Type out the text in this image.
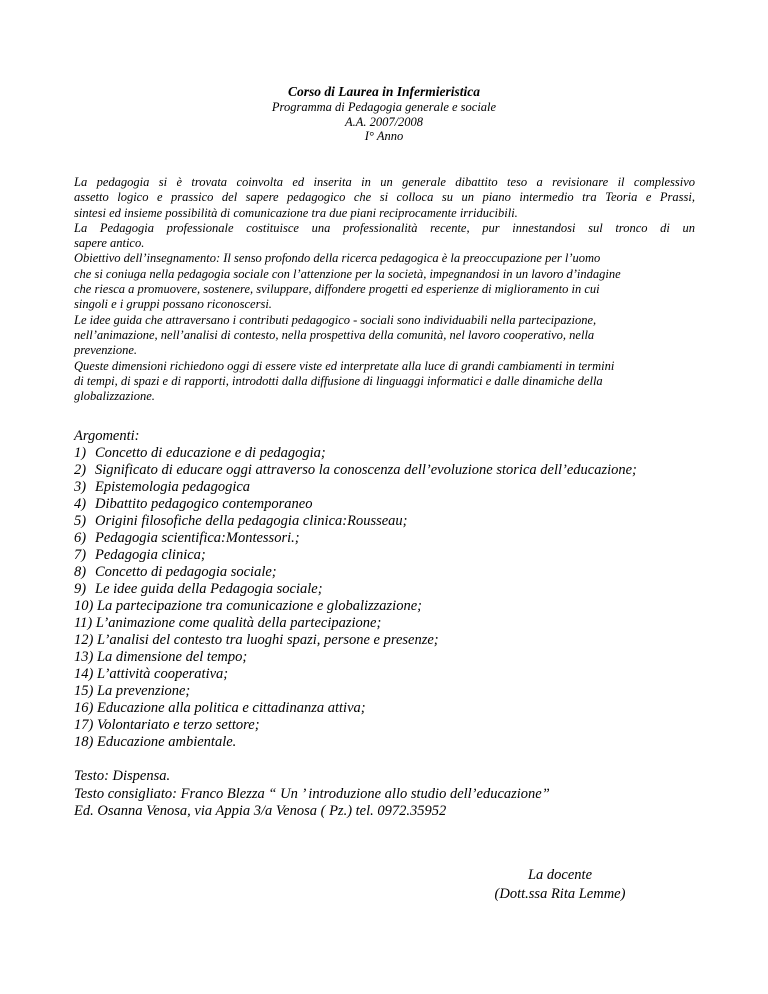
Corso di Laurea in Infermieristica
Programma di Pedagogia generale e sociale
A.A. 2007/2008
I° Anno

La pedagogia si è trovata coinvolta ed inserita in un generale dibattito teso a revisionare il complessivo

assetto logico e prassico del sapere pedagogico che si colloca su un piano intermedio tra Teoria e Prassi,

sintesi ed insieme possibilità di comunicazione tra due piani reciprocamente irriducibili.

La Pedagogia professionale costituisce una professionalità recente, pur innestandosi sul tronco di un

sapere antico.

Obiettivo dell’insegnamento: Il senso profondo della ricerca pedagogica è la preoccupazione per l’uomo

che si coniuga nella pedagogia sociale con l’attenzione per la società, impegnandosi in un lavoro d’indagine

che riesca a promuovere, sostenere, sviluppare, diffondere progetti ed esperienze di miglioramento in cui

singoli e i gruppi possano riconoscersi.

Le idee guida che attraversano i contributi pedagogico - sociali sono individuabili nella partecipazione,

nell’animazione, nell’analisi di contesto, nella prospettiva della comunità, nel lavoro cooperativo, nella

prevenzione.

Queste dimensioni richiedono oggi di essere viste ed interpretate alla luce di grandi cambiamenti in termini

di tempi, di spazi e di rapporti, introdotti dalla diffusione di linguaggi informatici e dalle dinamiche della

globalizzazione.

Argomenti:

1) Concetto di educazione e di pedagogia;
2) Significato di educare oggi attraverso la conoscenza dell’evoluzione storica dell’educazione;
3) Epistemologia pedagogica
4) Dibattito pedagogico contemporaneo
5) Origini filosofiche della pedagogia clinica:Rousseau;
6) Pedagogia scientifica:Montessori.;
7) Pedagogia clinica;
8) Concetto di pedagogia sociale;
9) Le idee guida della Pedagogia sociale;
10) La partecipazione tra comunicazione e globalizzazione;
11) L’animazione come qualità della partecipazione;
12) L’analisi del contesto tra luoghi spazi, persone e presenze;
13) La dimensione del tempo;
14) L’attività cooperativa;
15) La prevenzione;
16) Educazione alla politica e cittadinanza attiva;
17) Volontariato e terzo settore;
18) Educazione ambientale.

Testo: Dispensa.

Testo consigliato: Franco Blezza “ Un ’ introduzione allo studio dell’educazione”

Ed. Osanna Venosa, via Appia 3/a Venosa ( Pz.) tel. 0972.35952

La docente

(Dott.ssa Rita Lemme)
